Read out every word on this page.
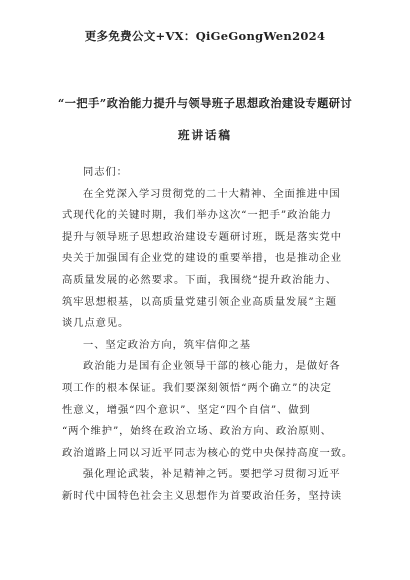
更多免费公文+VX：QiGeGongWen2024
“一把手”政治能力提升与领导班子思想政治建设专题研讨
班讲话稿
同志们：
在全党深入学习贯彻党的二十大精神、全面推进中国
式现代化的关键时期，我们举办这次“一把手”政治能力
提升与领导班子思想政治建设专题研讨班，既是落实党中
央关于加强国有企业党的建设的重要举措，也是推动企业
高质量发展的必然要求。下面，我围绕“提升政治能力、
筑牢思想根基，以高质量党建引领企业高质量发展”主题
谈几点意见。
一、坚定政治方向，筑牢信仰之基
政治能力是国有企业领导干部的核心能力，是做好各
项工作的根本保证。我们要深刻领悟“两个确立”的决定
性意义，增强“四个意识”、坚定“四个自信”、做到
“两个维护”，始终在政治立场、政治方向、政治原则、
政治道路上同以习近平同志为核心的党中央保持高度一致。
强化理论武装，补足精神之钙。要把学习贯彻习近平
新时代中国特色社会主义思想作为首要政治任务，坚持读
